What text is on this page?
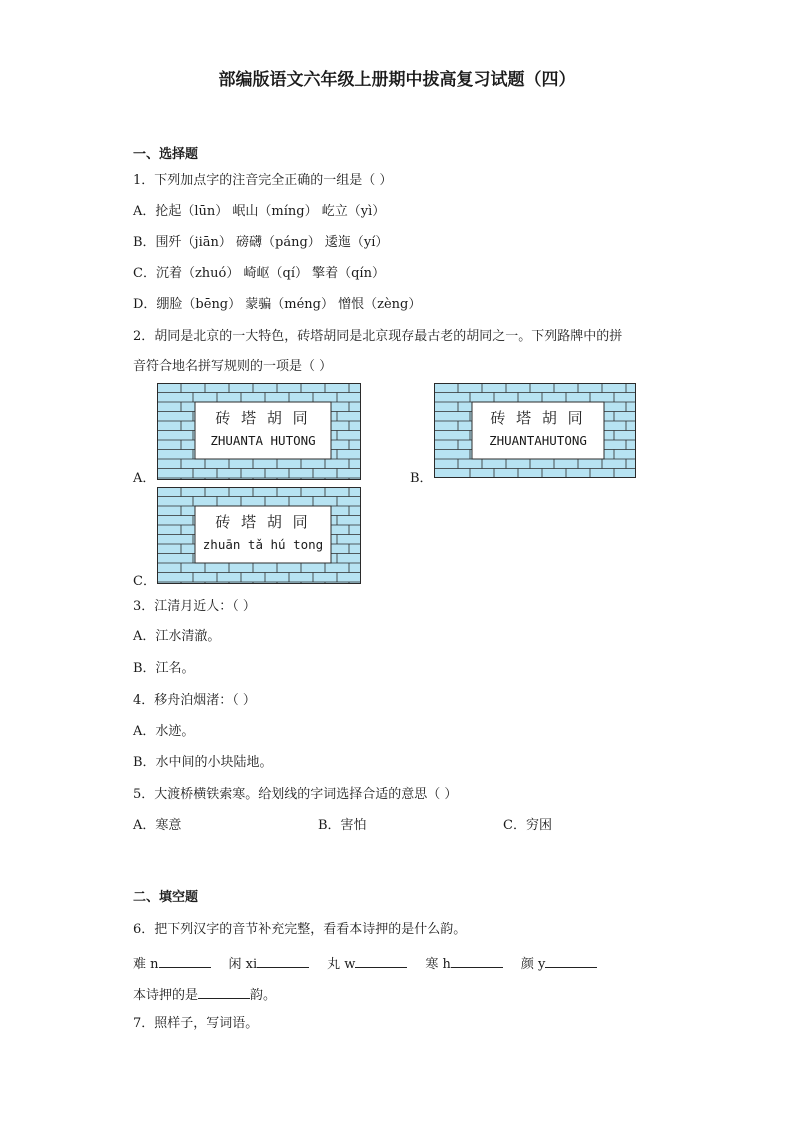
部编版语文六年级上册期中拔高复习试题（四）
一、选择题
1．下列加点字的注音完全正确的一组是（ ）
A．抡起（lūn） 岷山（míng） 屹立（yì）
B．围歼（jiān） 磅礴（páng） 逶迤（yí）
C．沉着（zhuó） 崎岖（qí） 擎着（qín）
D．绷脸（bēng） 蒙骗（méng） 憎恨（zèng）
2．胡同是北京的一大特色，砖塔胡同是北京现存最古老的胡同之一。下列路牌中的拼
音符合地名拼写规则的一项是（ ）
A．
砖 塔 胡 同
ZHUANTA HUTONG
B．
砖 塔 胡 同
ZHUANTAHUTONG
C．
砖 塔 胡 同
zhuān tǎ hú tong
3．江清月近人：（ ）
A．江水清澈。
B．江名。
4．移舟泊烟渚：（ ）
A．水迹。
B．水中间的小块陆地。
5．大渡桥横铁索寒。给划线的字词选择合适的意思（ ）
A．寒意	B．害怕	C．穷困
二、填空题
6．把下列汉字的音节补充完整，看看本诗押的是什么韵。
难 n	闲 xi	丸 w	寒 h	颜 y
本诗押的是	韵。
7．照样子，写词语。
